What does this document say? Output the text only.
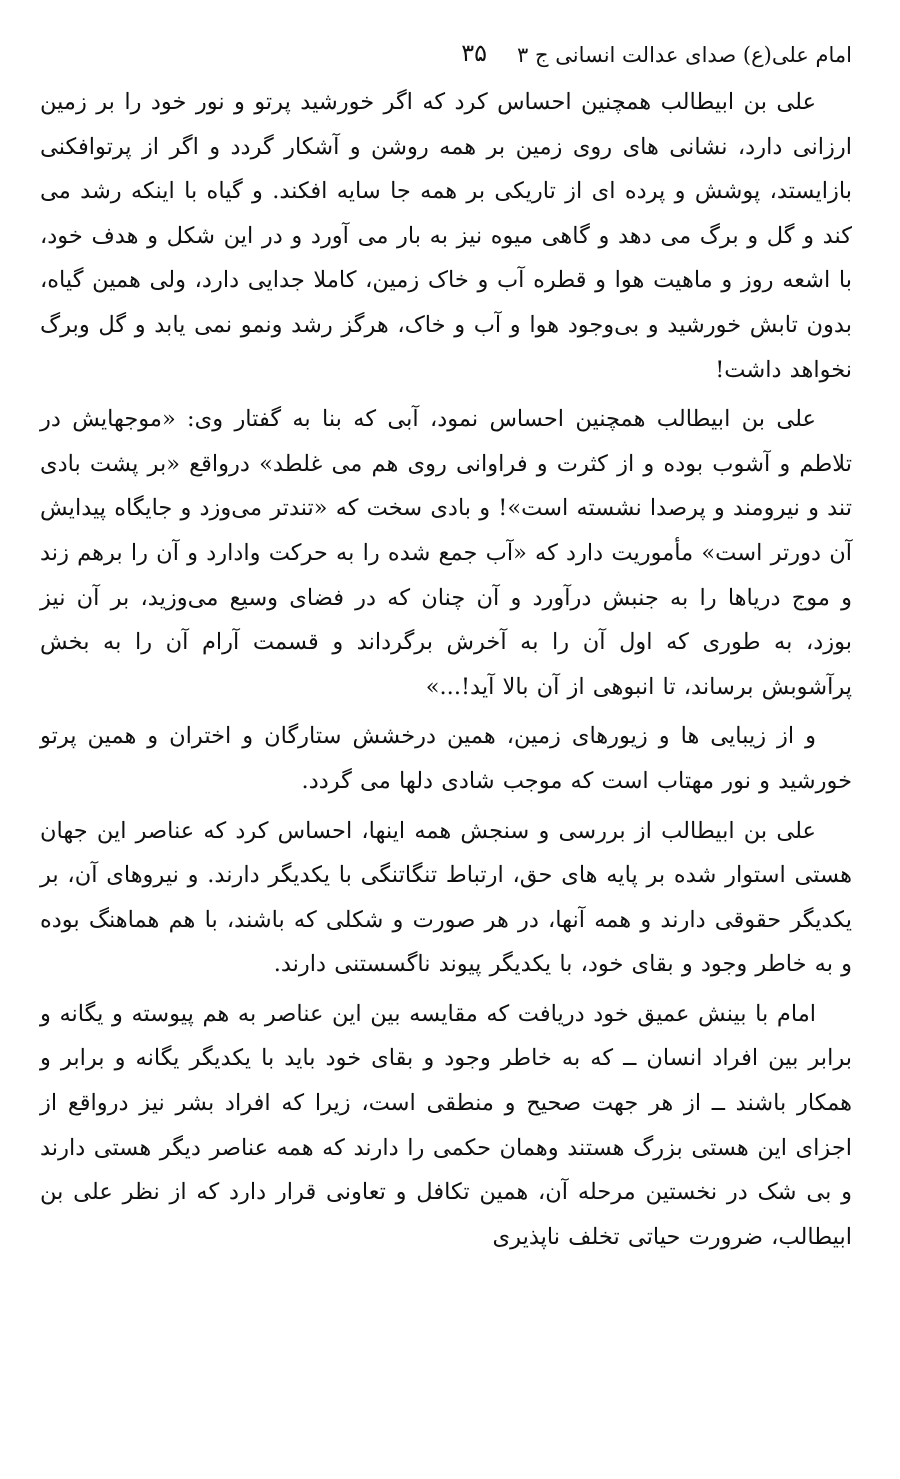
امام علی(ع) صدای عدالت انسانی ج ۳
۳۵

علی بن ابیطالب همچنین احساس کرد که اگر خورشید پرتو و نور خود را بر زمین ارزانی دارد، نشانی های روی زمین بر همه روشن و آشکار گردد و اگر از پرتوافکنی بازایستد، پوشش و پرده ای از تاریکی بر همه جا سایه افکند. و گیاه با اینکه رشد می کند و گل و برگ می دهد و گاهی میوه نیز به بار می آورد و در این شکل و هدف خود، با اشعه روز و ماهیت هوا و قطره آب و خاک زمین، کاملا جدایی دارد، ولی همین گیاه، بدون تابش خورشید و بی‌وجود هوا و آب و خاک، هرگز رشد ونمو نمی یابد و گل وبرگ نخواهد داشت!

علی بن ابیطالب همچنین احساس نمود، آبی که بنا به گفتار وی: «موجهایش در تلاطم و آشوب بوده و از کثرت و فراوانی روی هم می غلطد» درواقع «بر پشت بادی تند و نیرومند و پرصدا نشسته است»! و بادی سخت که «تندتر می‌وزد و جایگاه پیدایش آن دورتر است» مأموریت دارد که «آب جمع شده را به حرکت وادارد و آن را برهم زند و موج دریاها را به جنبش درآورد و آن چنان که در فضای وسیع می‌وزید، بر آن نیز بوزد، به طوری که اول آن را به آخرش برگرداند و قسمت آرام آن را به بخش پرآشوبش برساند، تا انبوهی از آن بالا آید!...»

و از زیبایی ها و زیورهای زمین، همین درخشش ستارگان و اختران و همین پرتو خورشید و نور مهتاب است که موجب شادی دلها می گردد.

علی بن ابیطالب از بررسی و سنجش همه اینها، احساس کرد که عناصر این جهان هستی استوار شده بر پایه های حق، ارتباط تنگاتنگی با یکدیگر دارند. و نیروهای آن، بر یکدیگر حقوقی دارند و همه آنها، در هر صورت و شکلی که باشند، با هم هماهنگ بوده و به خاطر وجود و بقای خود، با یکدیگر پیوند ناگسستنی دارند.

امام با بینش عمیق خود دریافت که مقایسه بین این عناصر به هم پیوسته و یگانه و برابر بین افراد انسان ــ که به خاطر وجود و بقای خود باید با یکدیگر یگانه و برابر و همکار باشند ــ از هر جهت صحیح و منطقی است، زیرا که افراد بشر نیز درواقع از اجزای این هستی بزرگ هستند وهمان حکمی را دارند که همه عناصر دیگر هستی دارند و بی شک در نخستین مرحله آن، همین تکافل و تعاونی قرار دارد که از نظر علی بن ابیطالب، ضرورت حیاتی تخلف ناپذیری
